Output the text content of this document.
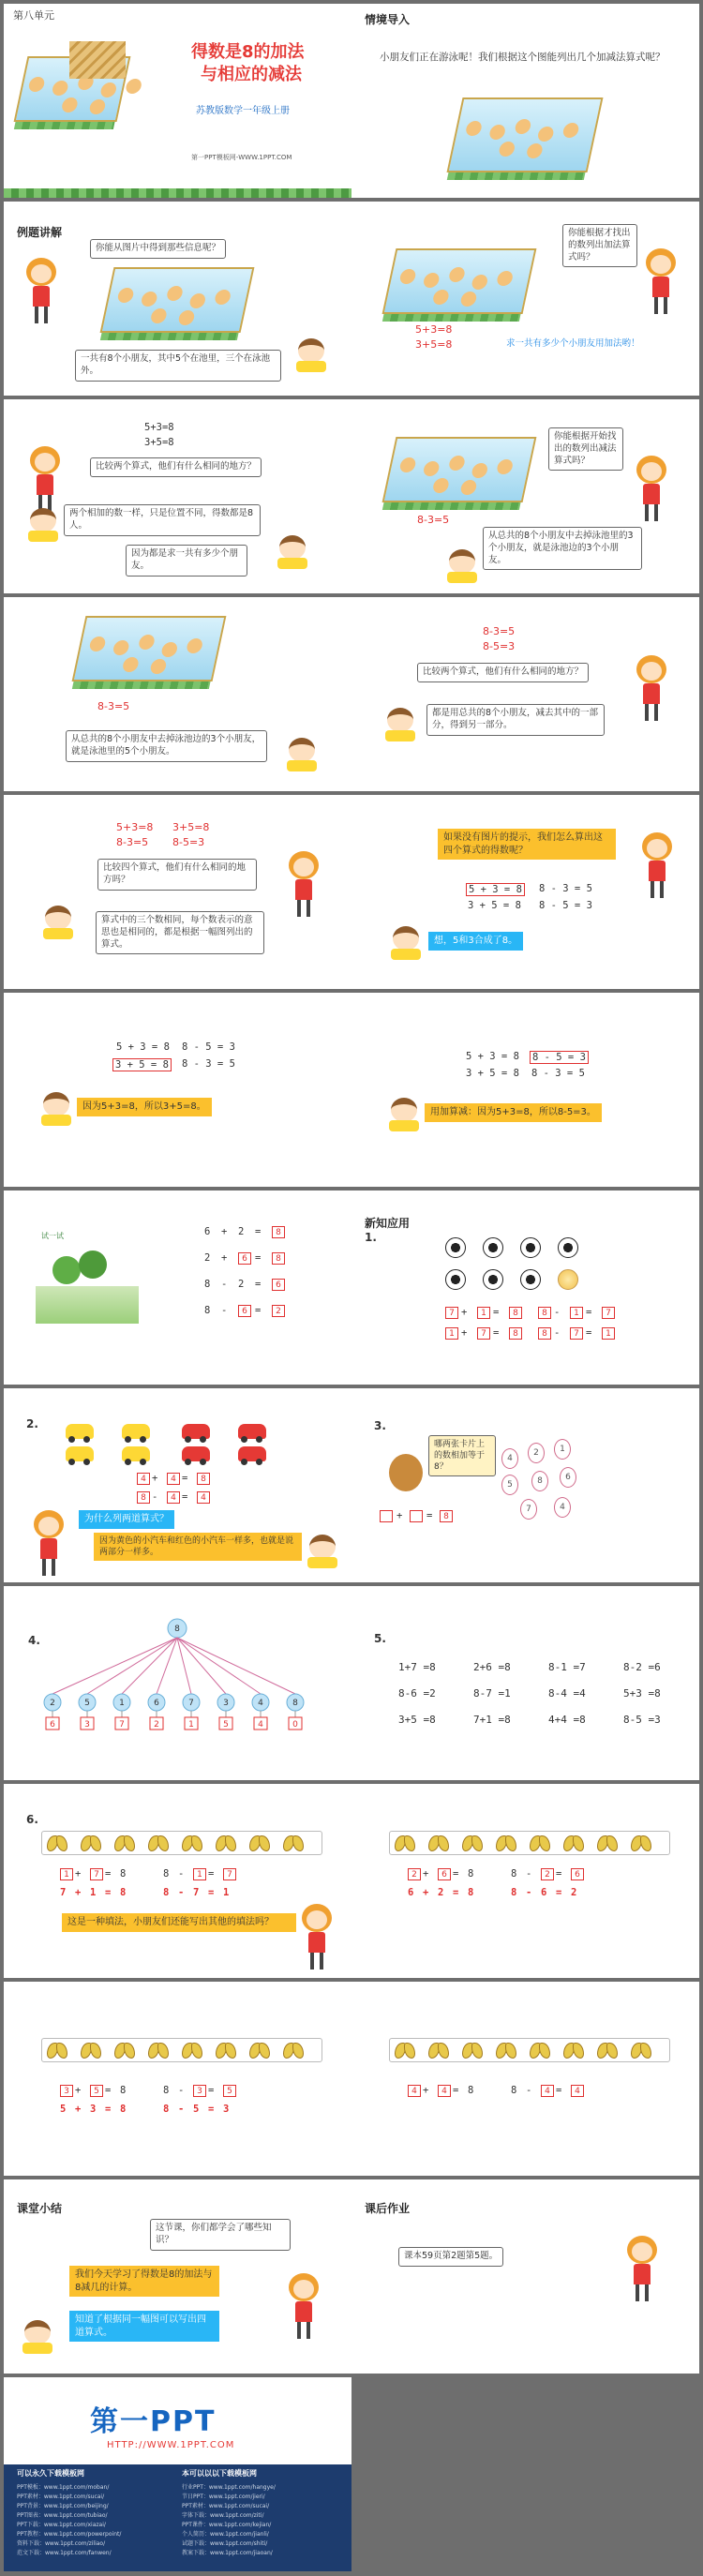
第八单元
得数是8的加法
与相应的减法
苏教版数学一年级上册
第一PPT模板网-WWW.1PPT.COM
情境导入
小朋友们正在游泳呢！我们根据这个图能列出几个加减法算式呢？
例题讲解
你能从图片中得到那些信息呢？
一共有8个小朋友，其中5个在池里，三个在泳池外。
你能根据才找出的数列出加法算式吗？
5+3=8
3+5=8	求一共有多少个小朋友用加法哟！
5+3=8
3+5=8
比较两个算式，他们有什么相同的地方？
两个相加的数一样，只是位置不同，得数都是8人。
因为都是求一共有多少个朋友。
你能根据开始找出的数列出减法算式吗？
8-3=5
从总共的8个小朋友中去掉泳池里的3个小朋友，就是泳池边的3个小朋友。
8-3=5
从总共的8个小朋友中去掉泳池边的3个小朋友，就是泳池里的5个小朋友。
8-3=5
8-5=3
比较两个算式，他们有什么相同的地方？
都是用总共的8个小朋友，减去其中的一部分，得到另一部分。
5+3=8 3+5=8
8-3=5 8-5=3
比较四个算式，他们有什么相同的地方吗？
算式中的三个数相同，每个数表示的意思也是相同的，都是根据一幅图列出的算式。
如果没有图片的提示，我们怎么算出这四个算式的得数呢？
5 + 3 = 8 8 - 3 = 5
3 + 5 = 8 8 - 5 = 3
想，5和3合成了8。
5 + 3 = 8 8 - 5 = 3
3 + 5 = 8 8 - 3 = 5
因为5+3=8，所以3+5=8。
5 + 3 = 8 8 - 5 = 3
3 + 5 = 8 8 - 3 = 5
用加算减：因为5+3=8，所以8-5=3。
试一试	6 + 2 =	8
2 +	6 =	8
8 - 2 =	6
8 -	6 =	2
新知应用
1.
7 +	1 =	8	8 -	1 =	7
1 +	7 =	8	8 -	7 =	1
2.
为什么列两道算式？
因为黄色的小汽车和红色的小汽车一样多，也就是说两部分一样多。
4 +	4 =	8
8 -	4 =	4
3.
哪两张卡片上的数相加等于8？
4
2	1
5	8	6
7	4
+ =	8
4.
8
2
6
5
3
1
7
6
2
7
1
3
5
4
4
8
0
5.
1+7 =8	2+6 =8	8-1 =7	8-2 =6
8-6 =2	8-7 =1	8-4 =4	5+3 =8
3+5 =8	7+1 =8	4+4 =8	8-5 =3
6.
这是一种填法，小朋友们还能写出其他的填法吗？
1 +	7 = 8	8 -	1 =	7
7 + 1 = 8	8 - 7 = 1
2 +	6 = 8	8 -	2 =	6
6 + 2 = 8	8 - 6 = 2
3 +	5 = 8	8 -	3 =	5
5 + 3 = 8	8 - 5 = 3
4 +	4 = 8	8 -	4 =	4
课堂小结
这节课，你们都学会了哪些知识？
我们今天学习了得数是8的加法与8减几的计算。
知道了根据同一幅图可以写出四道算式。
课后作业
课本59页第2题第5题。
第一PPT
HTTP://WWW.1PPT.COM
可以永久下载模板网	本可以以以下载模板网
PPT模板：www.1ppt.com/moban/
PPT素材：www.1ppt.com/sucai/
PPT背景：www.1ppt.com/beijing/
PPT图表：www.1ppt.com/tubiao/
PPT下载：www.1ppt.com/xiazai/
PPT教程：www.1ppt.com/powerpoint/
资料下载：www.1ppt.com/ziliao/
范文下载：www.1ppt.com/fanwen/
行业PPT：www.1ppt.com/hangye/
节日PPT：www.1ppt.com/jieri/
PPT素材：www.1ppt.com/sucai/
字体下载：www.1ppt.com/ziti/
PPT课件：www.1ppt.com/kejian/
个人简历：www.1ppt.com/jianli/
试题下载：www.1ppt.com/shiti/
教案下载：www.1ppt.com/jiaoan/
